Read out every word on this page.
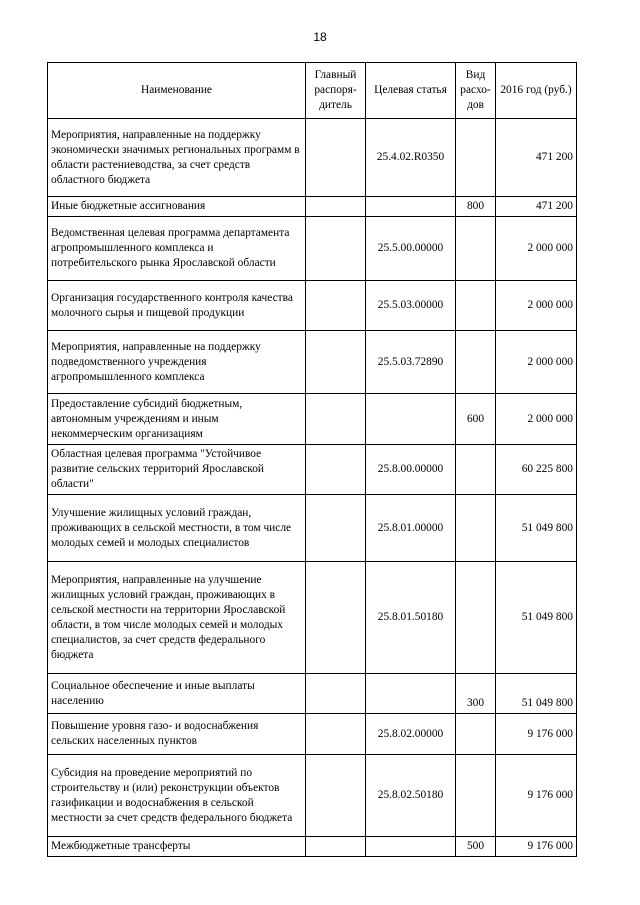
18
Наименование	Главный распоря-дитель	Целевая статья	Вид расхо-дов	2016 год (руб.)
Мероприятия, направленные на поддержку экономически значимых региональных программ в области растениеводства, за счет средств областного бюджета		25.4.02.R0350		471 200
Иные бюджетные ассигнования			800	471 200
Ведомственная целевая программа департамента агропромышленного комплекса и потребительского рынка Ярославской области		25.5.00.00000		2 000 000
Организация государственного контроля качества молочного сырья и пищевой продукции		25.5.03.00000		2 000 000
Мероприятия, направленные на поддержку подведомственного учреждения агропромышленного комплекса		25.5.03.72890		2 000 000
Предоставление субсидий бюджетным, автономным учреждениям и иным некоммерческим организациям			600	2 000 000
Областная целевая программа "Устойчивое развитие сельских территорий Ярославской области"		25.8.00.00000		60 225 800
Улучшение жилищных условий граждан, проживающих в сельской местности, в том числе молодых семей и молодых специалистов		25.8.01.00000		51 049 800
Мероприятия, направленные на улучшение жилищных условий граждан, проживающих в сельской местности на территории Ярославской области, в том числе молодых семей и молодых специалистов, за счет средств федерального бюджета		25.8.01.50180		51 049 800
Социальное обеспечение и иные выплаты населению			300	51 049 800
Повышение уровня газо- и водоснабжения сельских населенных пунктов		25.8.02.00000		9 176 000
Субсидия на проведение мероприятий по строительству и (или) реконструкции объектов газификации и водоснабжения в сельской местности за счет средств федерального бюджета		25.8.02.50180		9 176 000
Межбюджетные трансферты			500	9 176 000
